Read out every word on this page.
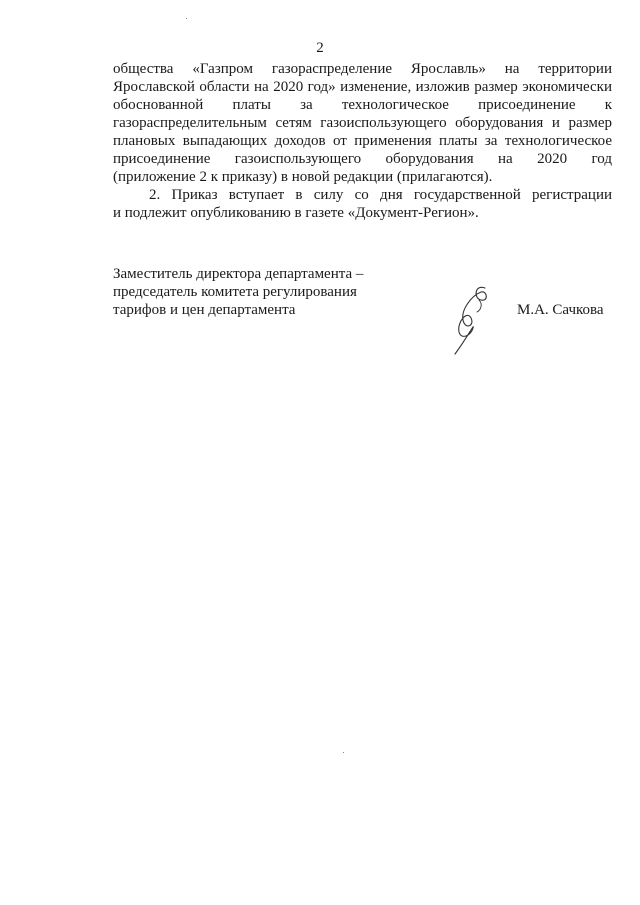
2
общества «Газпром газораспределение Ярославль» на территории
Ярославской области на 2020 год» изменение, изложив размер экономически
обоснованной платы за технологическое присоединение к
газораспределительным сетям газоиспользующего оборудования и размер
плановых выпадающих доходов от применения платы за технологическое
присоединение газоиспользующего оборудования на 2020 год
(приложение 2 к приказу) в новой редакции (прилагаются).
2. Приказ вступает в силу со дня государственной регистрации
и подлежит опубликованию в газете «Документ-Регион».
Заместитель директора департамента –
председатель комитета регулирования
тарифов и цен департамента	М.А. Сачкова
